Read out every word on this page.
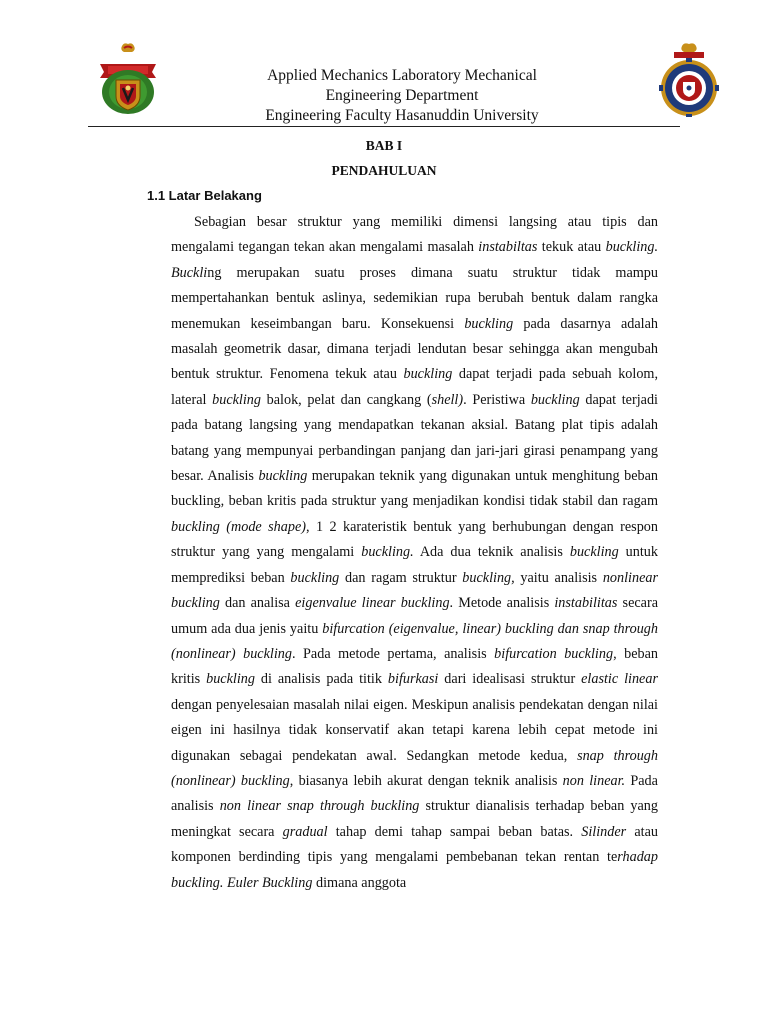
Applied Mechanics Laboratory Mechanical
Engineering Department
Engineering Faculty Hasanuddin University
BAB I
PENDAHULUAN
1.1 Latar Belakang

Sebagian besar struktur yang memiliki dimensi langsing atau tipis dan mengalami tegangan tekan akan mengalami masalah instabiltas tekuk atau buckling. Buckling merupakan suatu proses dimana suatu struktur tidak mampu mempertahankan bentuk aslinya, sedemikian rupa berubah bentuk dalam rangka menemukan keseimbangan baru. Konsekuensi buckling pada dasarnya adalah masalah geometrik dasar, dimana terjadi lendutan besar sehingga akan mengubah bentuk struktur. Fenomena tekuk atau buckling dapat terjadi pada sebuah kolom, lateral buckling balok, pelat dan cangkang (shell). Peristiwa buckling dapat terjadi pada batang langsing yang mendapatkan tekanan aksial. Batang plat tipis adalah batang yang mempunyai perbandingan panjang dan jari-jari girasi penampang yang besar. Analisis buckling merupakan teknik yang digunakan untuk menghitung beban buckling, beban kritis pada struktur yang menjadikan kondisi tidak stabil dan ragam buckling (mode shape), 1 2 karateristik bentuk yang berhubungan dengan respon struktur yang yang mengalami buckling. Ada dua teknik analisis buckling untuk memprediksi beban buckling dan ragam struktur buckling, yaitu analisis nonlinear buckling dan analisa eigenvalue linear buckling. Metode analisis instabilitas secara umum ada dua jenis yaitu bifurcation (eigenvalue, linear) buckling dan snap through (nonlinear) buckling. Pada metode pertama, analisis bifurcation buckling, beban kritis buckling di analisis pada titik bifurkasi dari idealisasi struktur elastic linear dengan penyelesaian masalah nilai eigen. Meskipun analisis pendekatan dengan nilai eigen ini hasilnya tidak konservatif akan tetapi karena lebih cepat metode ini digunakan sebagai pendekatan awal. Sedangkan metode kedua, snap through (nonlinear) buckling, biasanya lebih akurat dengan teknik analisis non linear. Pada analisis non linear snap through buckling struktur dianalisis terhadap beban yang meningkat secara gradual tahap demi tahap sampai beban batas. Silinder atau komponen berdinding tipis yang mengalami pembebanan tekan rentan terhadap buckling. Euler Buckling dimana anggota
